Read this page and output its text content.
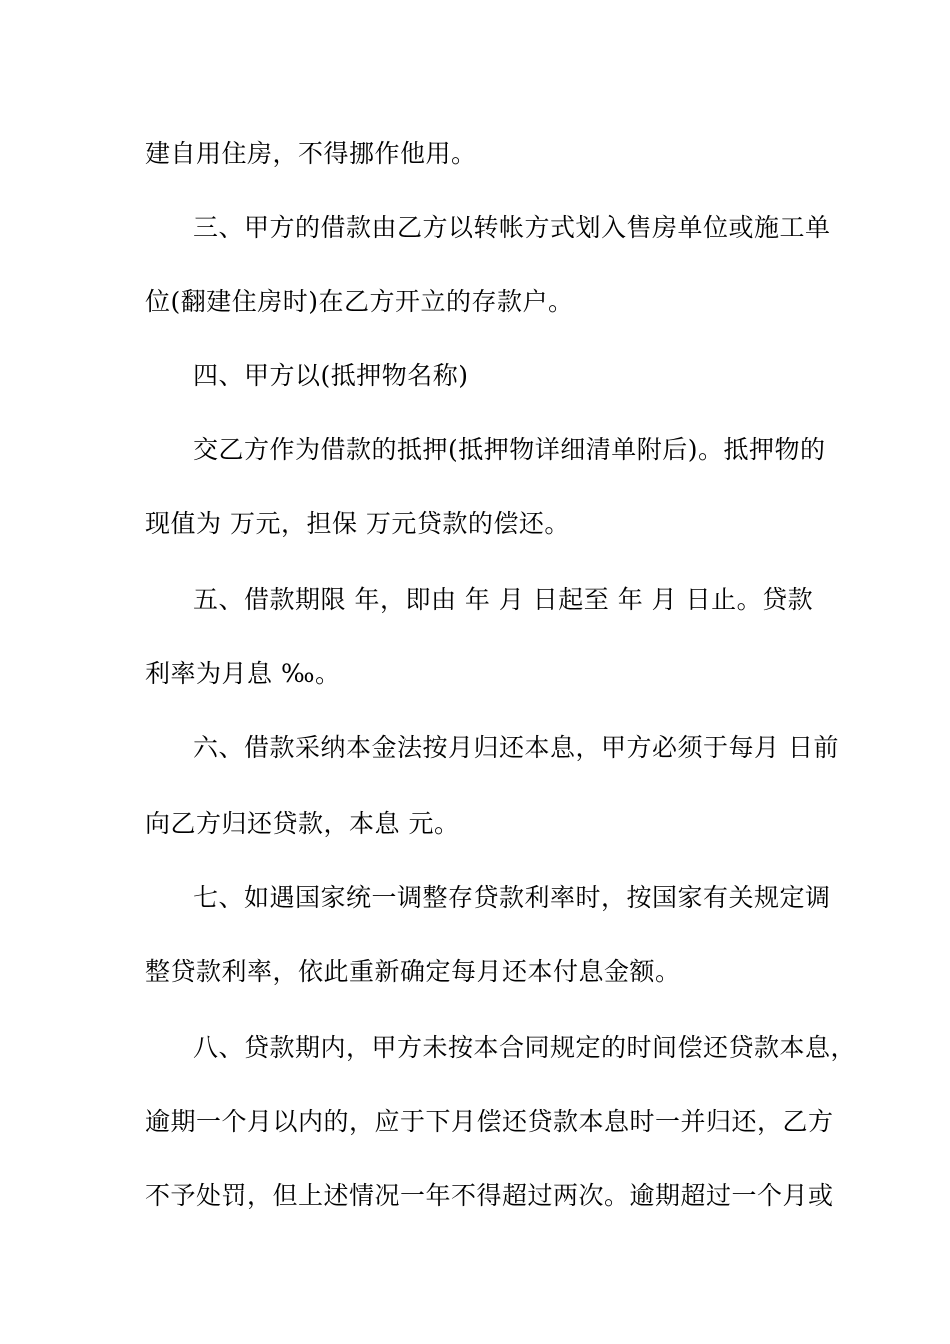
建自用住房，不得挪作他用。
三、甲方的借款由乙方以转帐方式划入售房单位或施工单
位(翻建住房时)在乙方开立的存款户。
四、甲方以(抵押物名称)
交乙方作为借款的抵押(抵押物详细清单附后)。抵押物的
现值为 万元，担保 万元贷款的偿还。
五、借款期限 年，即由 年 月 日起至 年 月 日止。贷款
利率为月息 ‰。
六、借款采纳本金法按月归还本息，甲方必须于每月 日前
向乙方归还贷款，本息 元。
七、如遇国家统一调整存贷款利率时，按国家有关规定调
整贷款利率，依此重新确定每月还本付息金额。
八、贷款期内，甲方未按本合同规定的时间偿还贷款本息，
逾期一个月以内的，应于下月偿还贷款本息时一并归还，乙方
不予处罚，但上述情况一年不得超过两次。逾期超过一个月或
